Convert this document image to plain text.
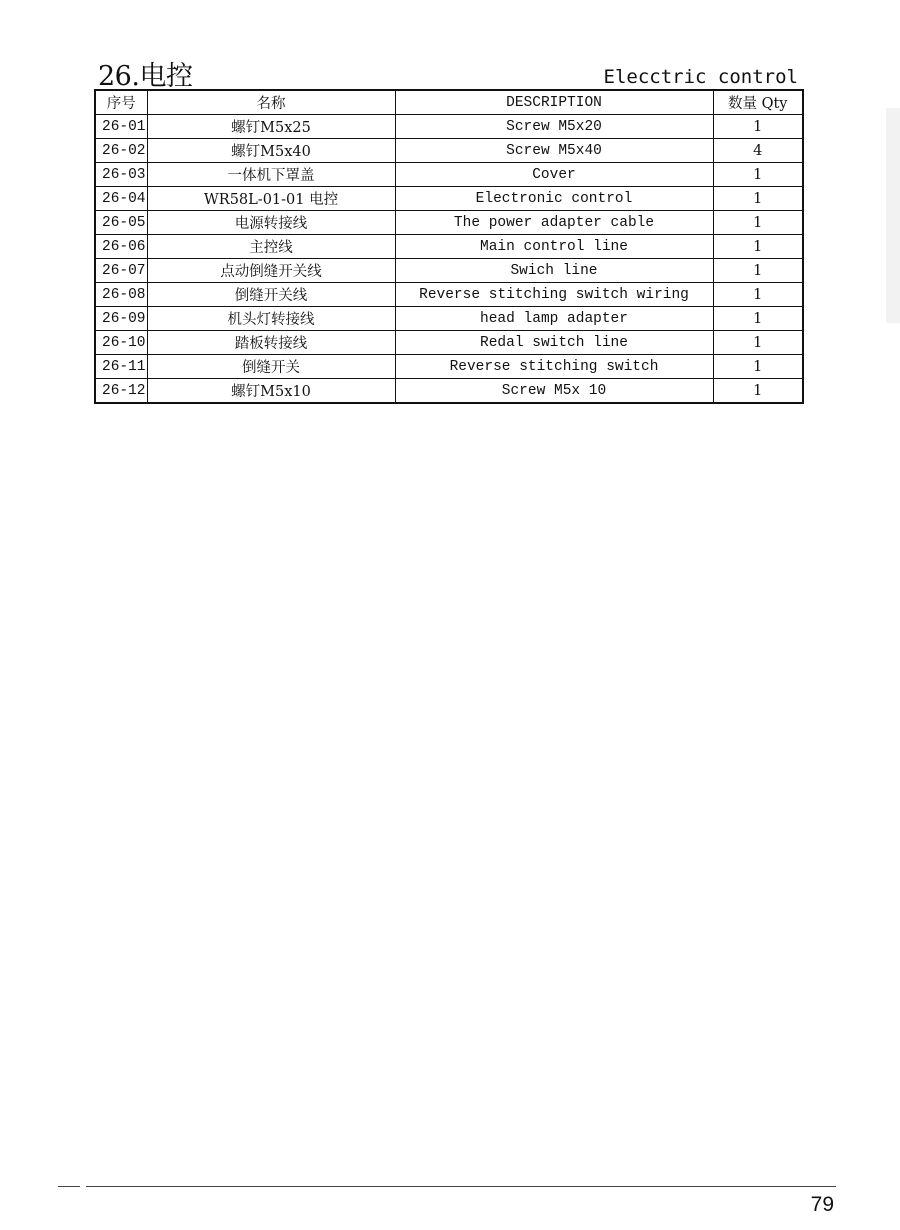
26.电控	Elecctric control
序号	名称	DESCRIPTION	数量 Qty
26-01	螺钉M5x25	Screw M5x20	1
26-02	螺钉M5x40	Screw M5x40	4
26-03	一体机下罩盖	Cover	1
26-04	WR58L-01-01 电控	Electronic control	1
26-05	电源转接线	The power adapter cable	1
26-06	主控线	Main control line	1
26-07	点动倒缝开关线	Swich line	1
26-08	倒缝开关线	Reverse stitching switch wiring	1
26-09	机头灯转接线	head lamp adapter	1
26-10	踏板转接线	Redal switch line	1
26-11	倒缝开关	Reverse stitching switch	1
26-12	螺钉M5x10	Screw M5x 10	1
79
